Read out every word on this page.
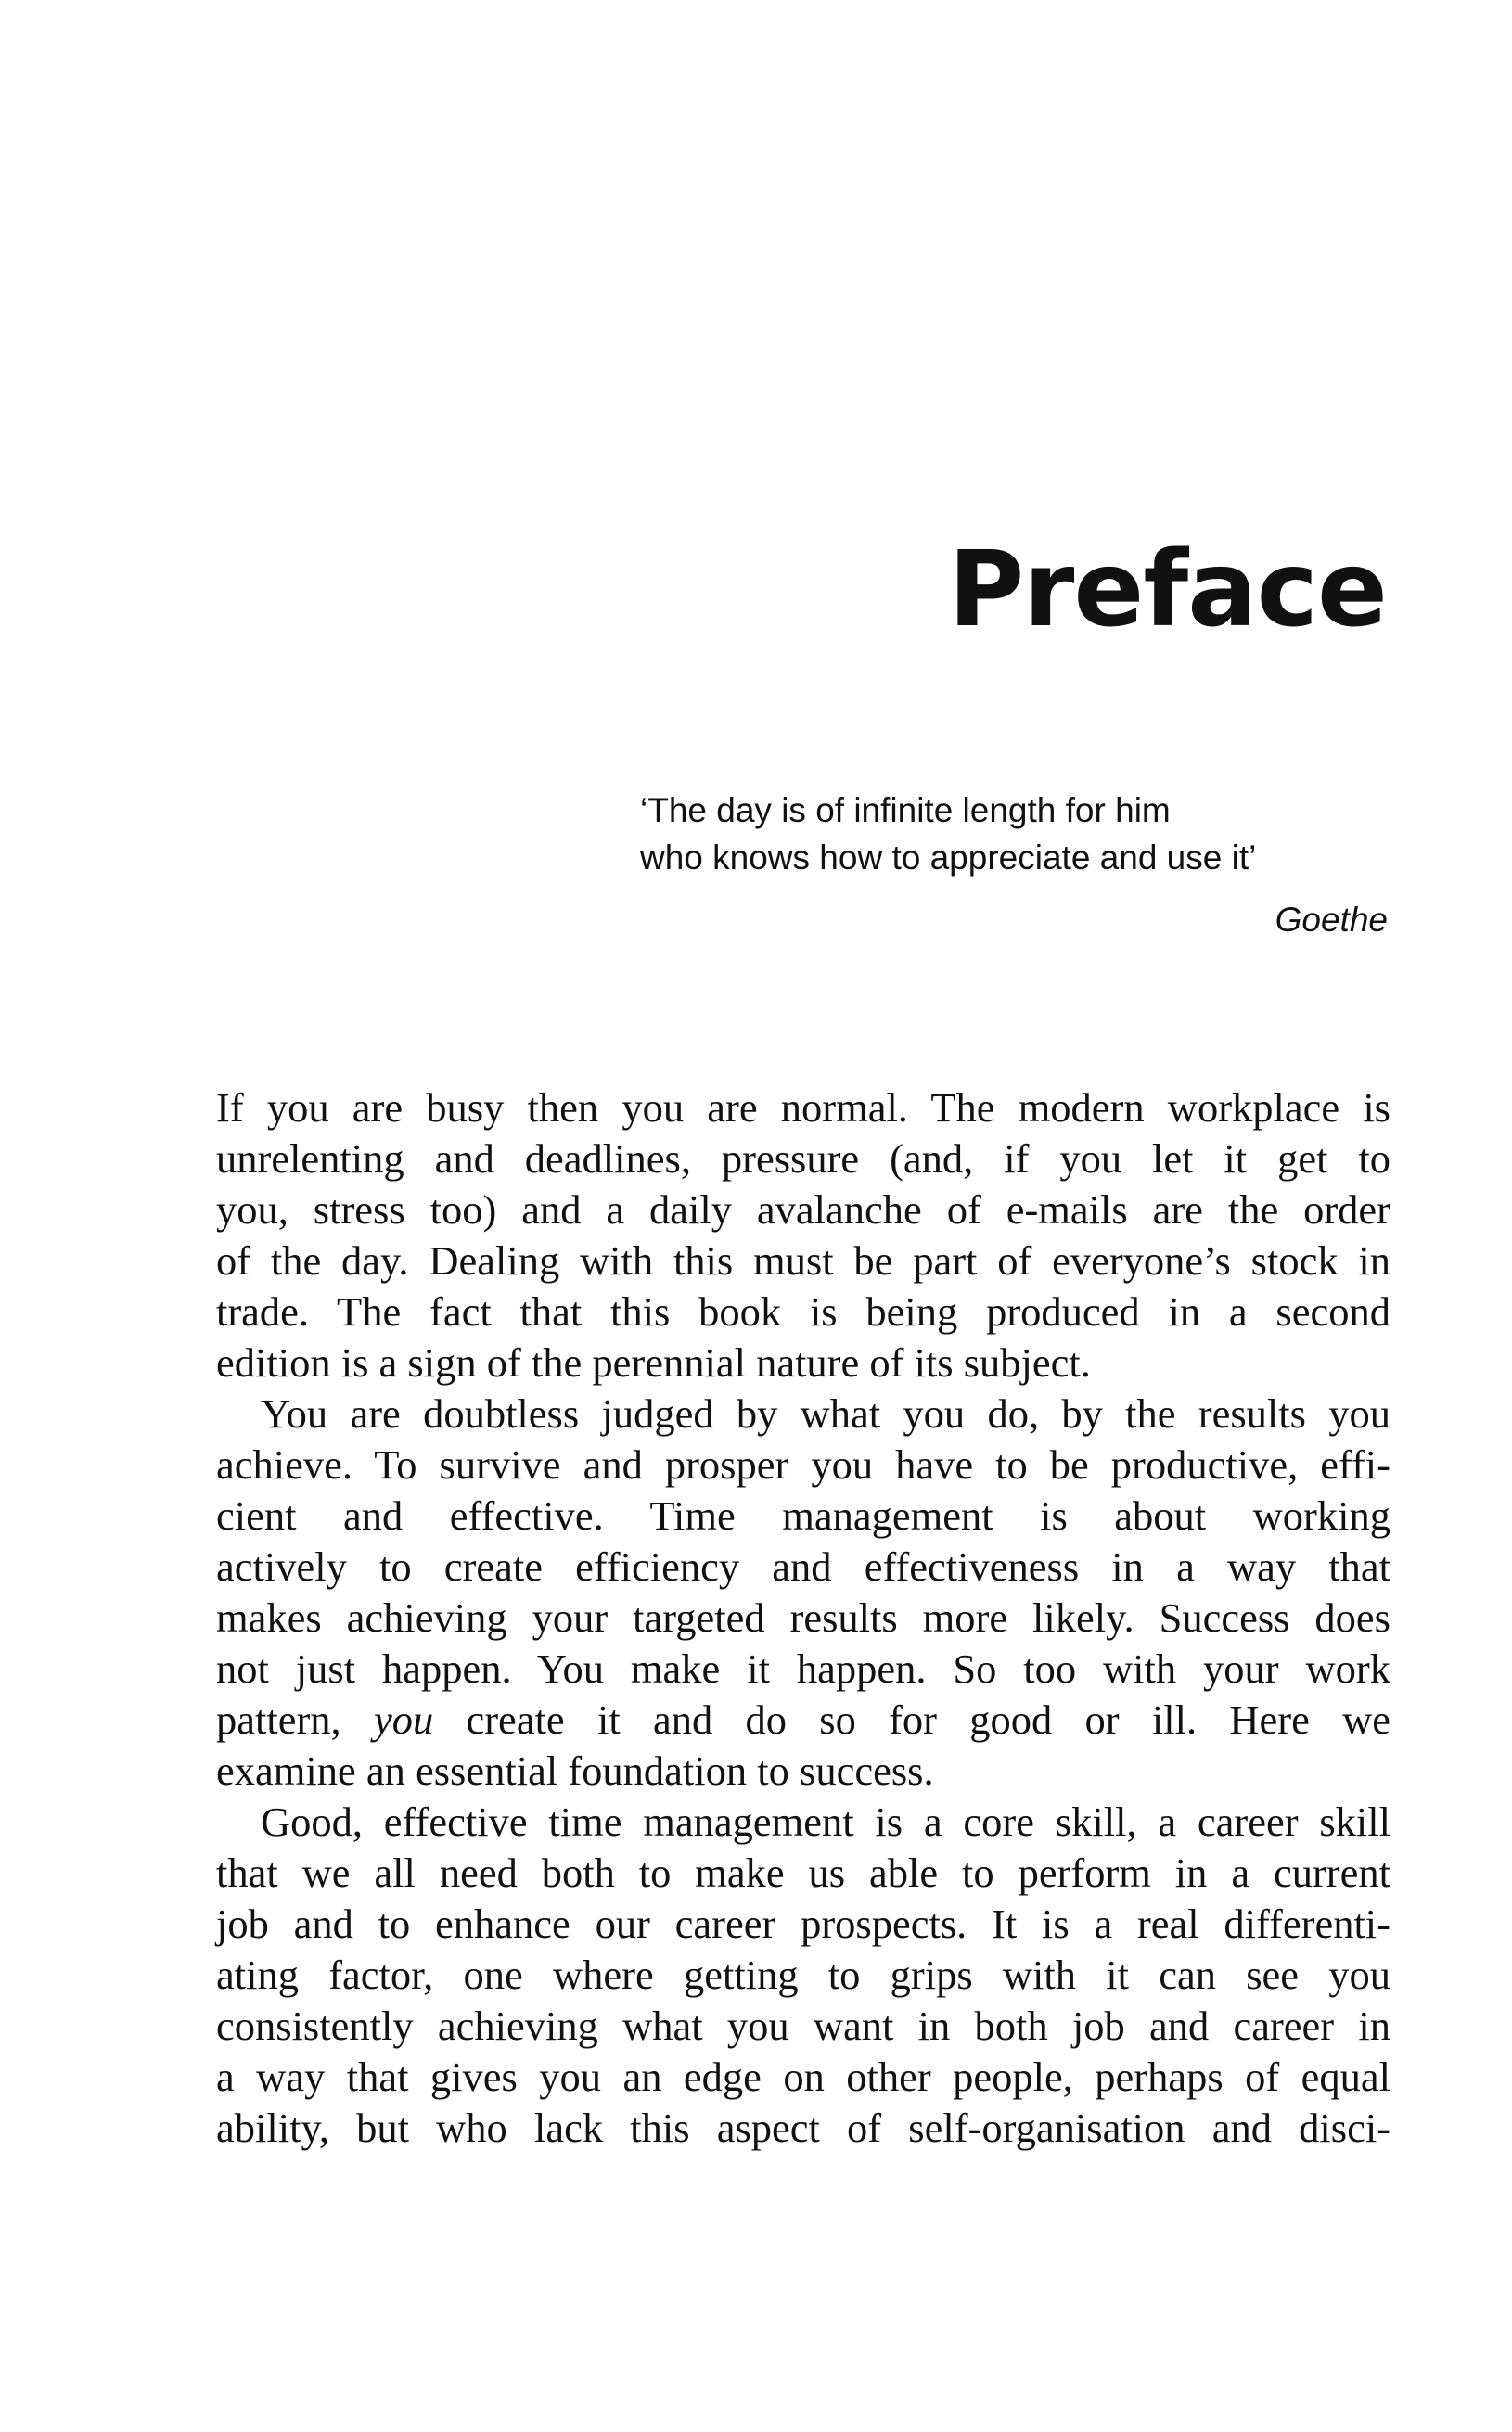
Preface
‘The day is of infinite length for him
who knows how to appreciate and use it’
Goethe
If you are busy then you are normal. The modern workplace is
unrelenting and deadlines, pressure (and, if you let it get to
you, stress too) and a daily avalanche of e-mails are the order
of the day. Dealing with this must be part of everyone’s stock in
trade. The fact that this book is being produced in a second
edition is a sign of the perennial nature of its subject.
You are doubtless judged by what you do, by the results you
achieve. To survive and prosper you have to be productive, effi-
cient and effective. Time management is about working
actively to create efficiency and effectiveness in a way that
makes achieving your targeted results more likely. Success does
not just happen. You make it happen. So too with your work
pattern, you create it and do so for good or ill. Here we
examine an essential foundation to success.
Good, effective time management is a core skill, a career skill
that we all need both to make us able to perform in a current
job and to enhance our career prospects. It is a real differenti-
ating factor, one where getting to grips with it can see you
consistently achieving what you want in both job and career in
a way that gives you an edge on other people, perhaps of equal
ability, but who lack this aspect of self-organisation and disci-
